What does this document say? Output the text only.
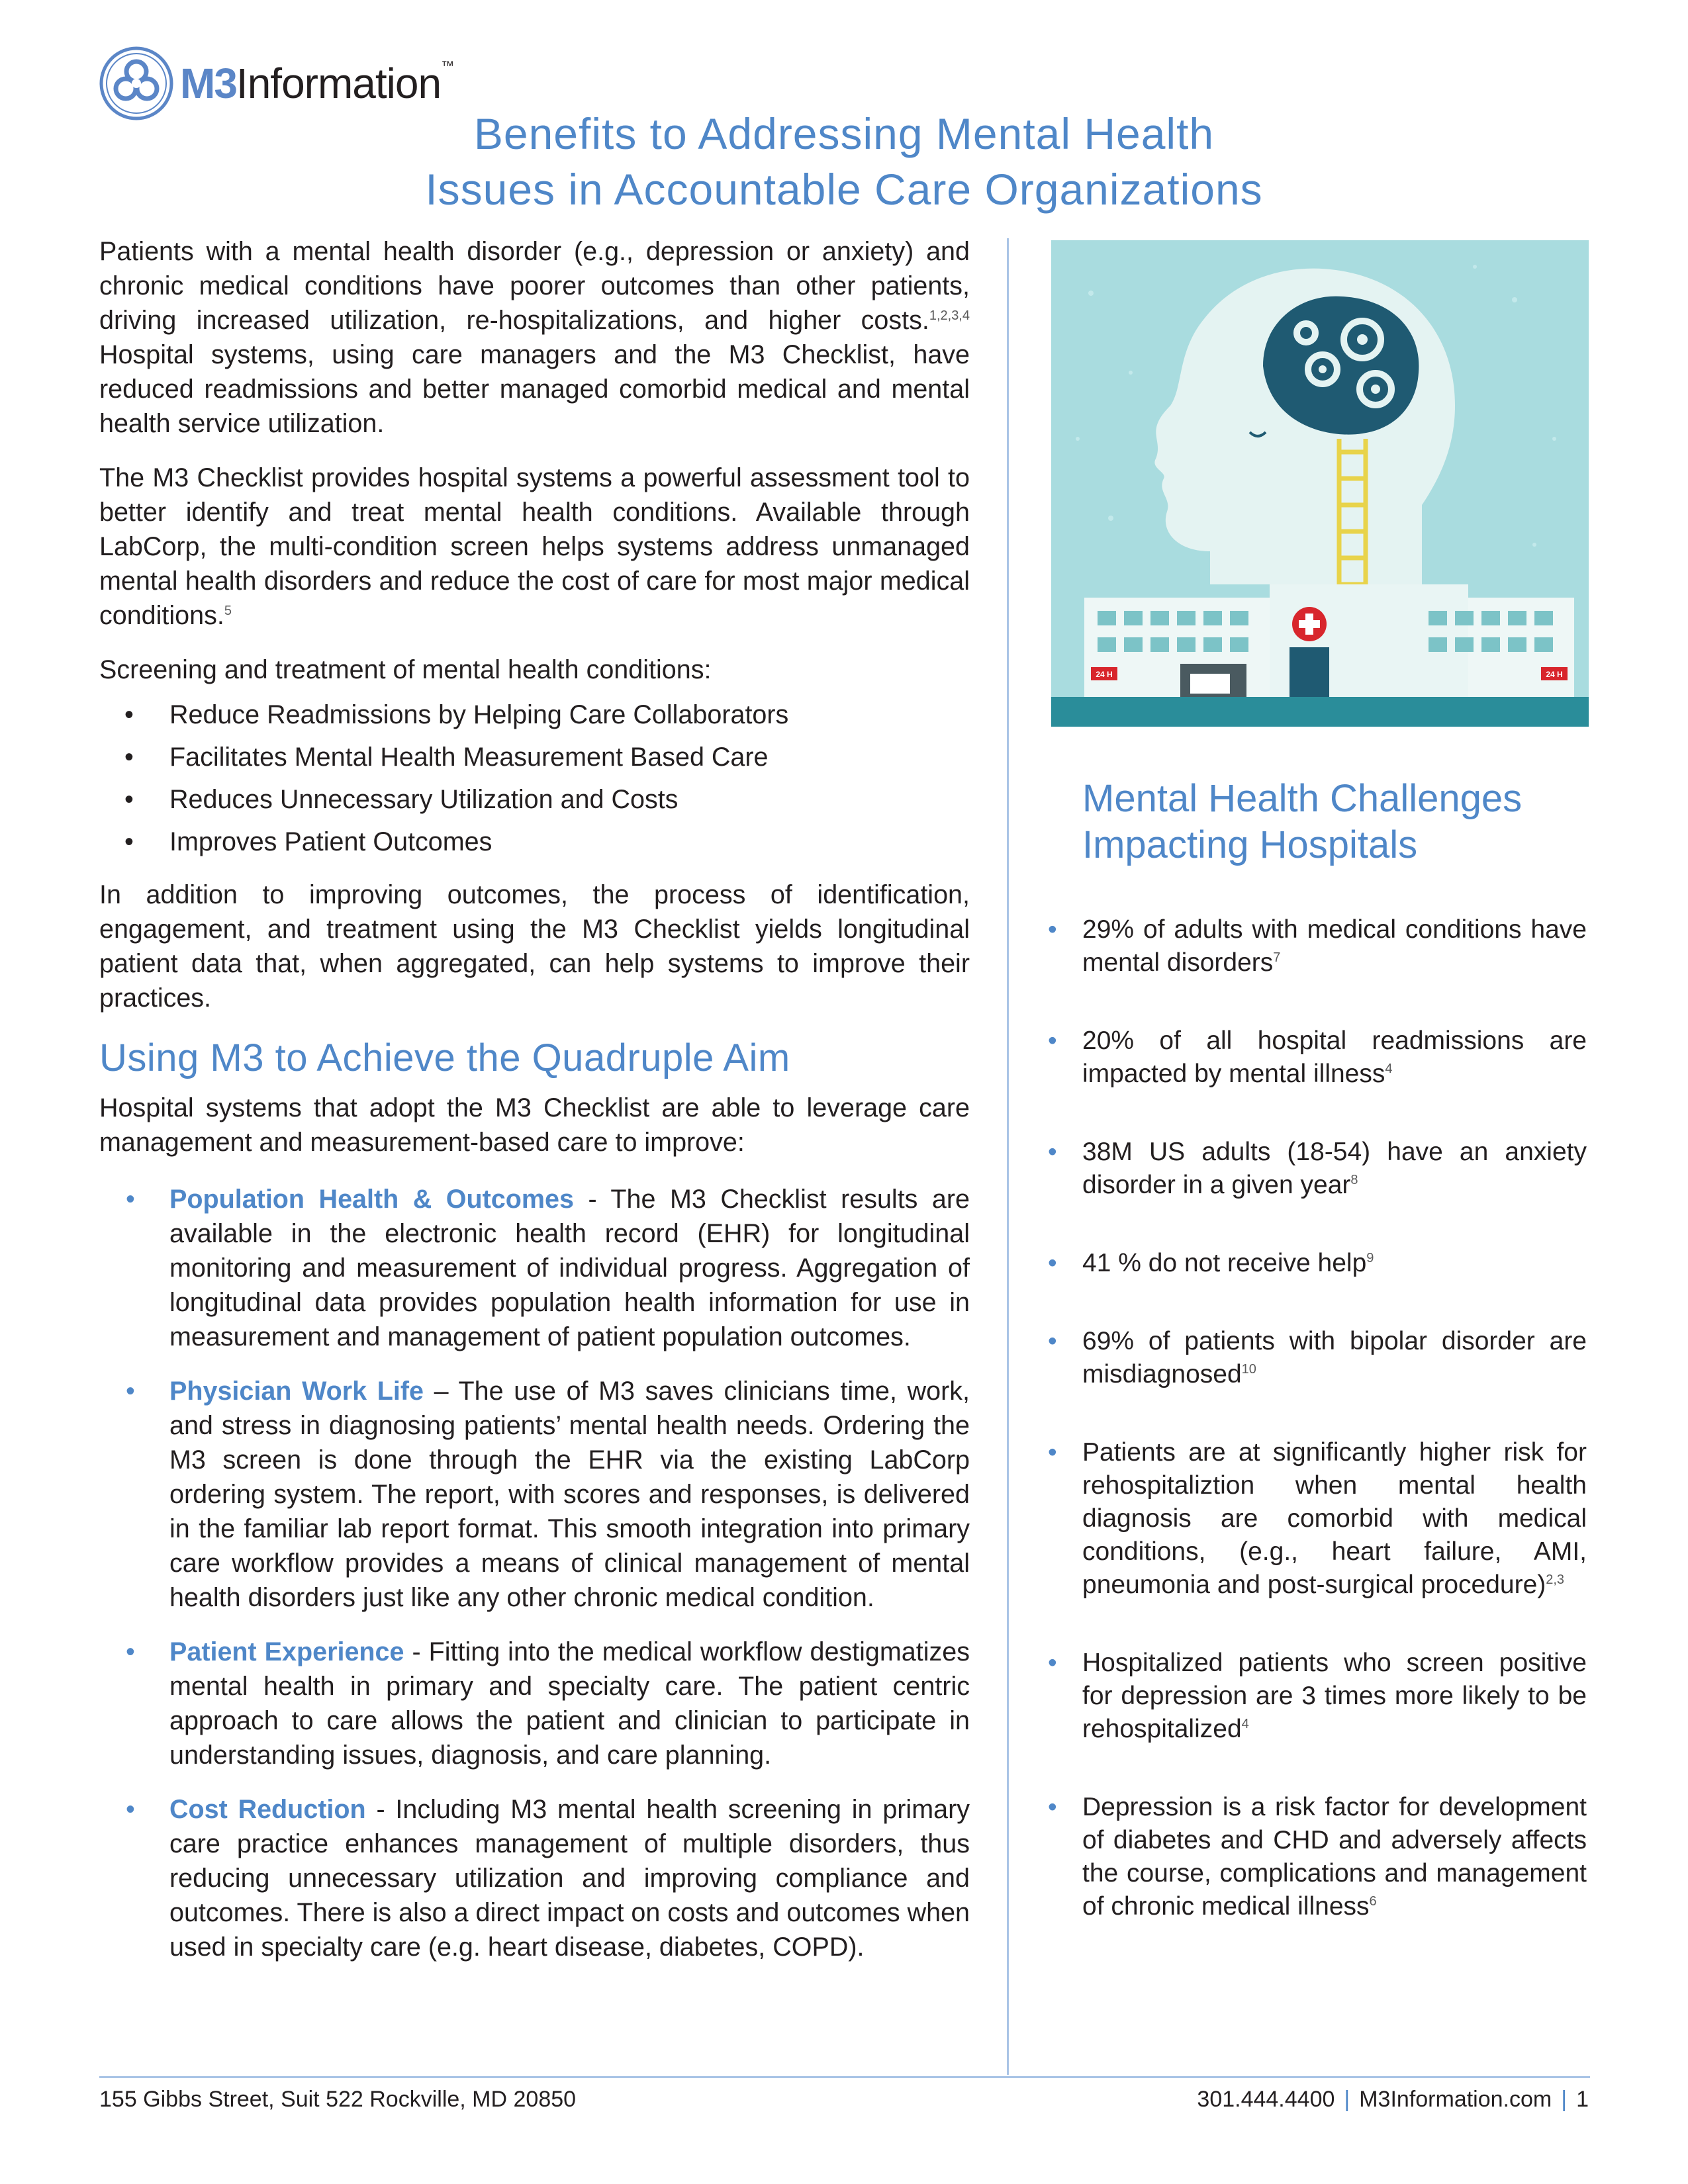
M3Information™
Benefits to Addressing Mental Health
Issues in Accountable Care Organizations

Patients with a mental health disorder (e.g., depression or anxiety) and chronic medical conditions have poorer outcomes than other patients, driving increased utilization, re-hospitalizations, and higher costs.$^{1,2,3,4}$ Hospital systems, using care managers and the M3 Checklist, have reduced readmissions and better managed comorbid medical and mental health service utilization.

The M3 Checklist provides hospital systems a powerful assessment tool to better identify and treat mental health conditions. Available through LabCorp, the multi-condition screen helps systems address unmanaged mental health disorders and reduce the cost of care for most major medical conditions.$^5$

Screening and treatment of mental health conditions:

• Reduce Readmissions by Helping Care Collaborators
• Facilitates Mental Health Measurement Based Care
• Reduces Unnecessary Utilization and Costs
• Improves Patient Outcomes

In addition to improving outcomes, the process of identification, engagement, and treatment using the M3 Checklist yields longitudinal patient data that, when aggregated, can help systems to improve their practices.

Using M3 to Achieve the Quadruple Aim

Hospital systems that adopt the M3 Checklist are able to leverage care management and measurement-based care to improve:

• Population Health & Outcomes - The M3 Checklist results are available in the electronic health record (EHR) for longitudinal monitoring and measurement of individual progress. Aggregation of longitudinal data provides population health information for use in measurement and management of patient population outcomes.
• Physician Work Life – The use of M3 saves clinicians time, work, and stress in diagnosing patients’ mental health needs. Ordering the M3 screen is done through the EHR via the existing LabCorp ordering system. The report, with scores and responses, is delivered in the familiar lab report format. This smooth integration into primary care workflow provides a means of clinical management of mental health disorders just like any other chronic medical condition.
• Patient Experience - Fitting into the medical workflow destigmatizes mental health in primary and specialty care. The patient centric approach to care allows the patient and clinician to participate in understanding issues, diagnosis, and care planning.
• Cost Reduction - Including M3 mental health screening in primary care practice enhances management of multiple disorders, thus reducing unnecessary utilization and improving compliance and outcomes. There is also a direct impact on costs and outcomes when used in specialty care (e.g. heart disease, diabetes, COPD).
24 H	24 H
Mental Health Challenges
Impacting Hospitals
• 29% of adults with medical conditions have mental disorders$^7$
• 20% of all hospital readmissions are impacted by mental illness$^4$
• 38M US adults (18-54) have an anxiety disorder in a given year$^8$
• 41 % do not receive help$^9$
• 69% of patients with bipolar disorder are misdiagnosed$^{10}$
• Patients are at significantly higher risk for rehospitaliztion when mental health diagnosis are comorbid with medical conditions, (e.g., heart failure, AMI, pneumonia and post-surgical procedure)$^{2,3}$
• Hospitalized patients who screen positive for depression are 3 times more likely to be rehospitalized$^4$
• Depression is a risk factor for development of diabetes and CHD and adversely affects the course, complications and management of chronic medical illness$^6$
155 Gibbs Street, Suit 522 Rockville, MD 20850	301.444.4400 | M3Information.com | 1
